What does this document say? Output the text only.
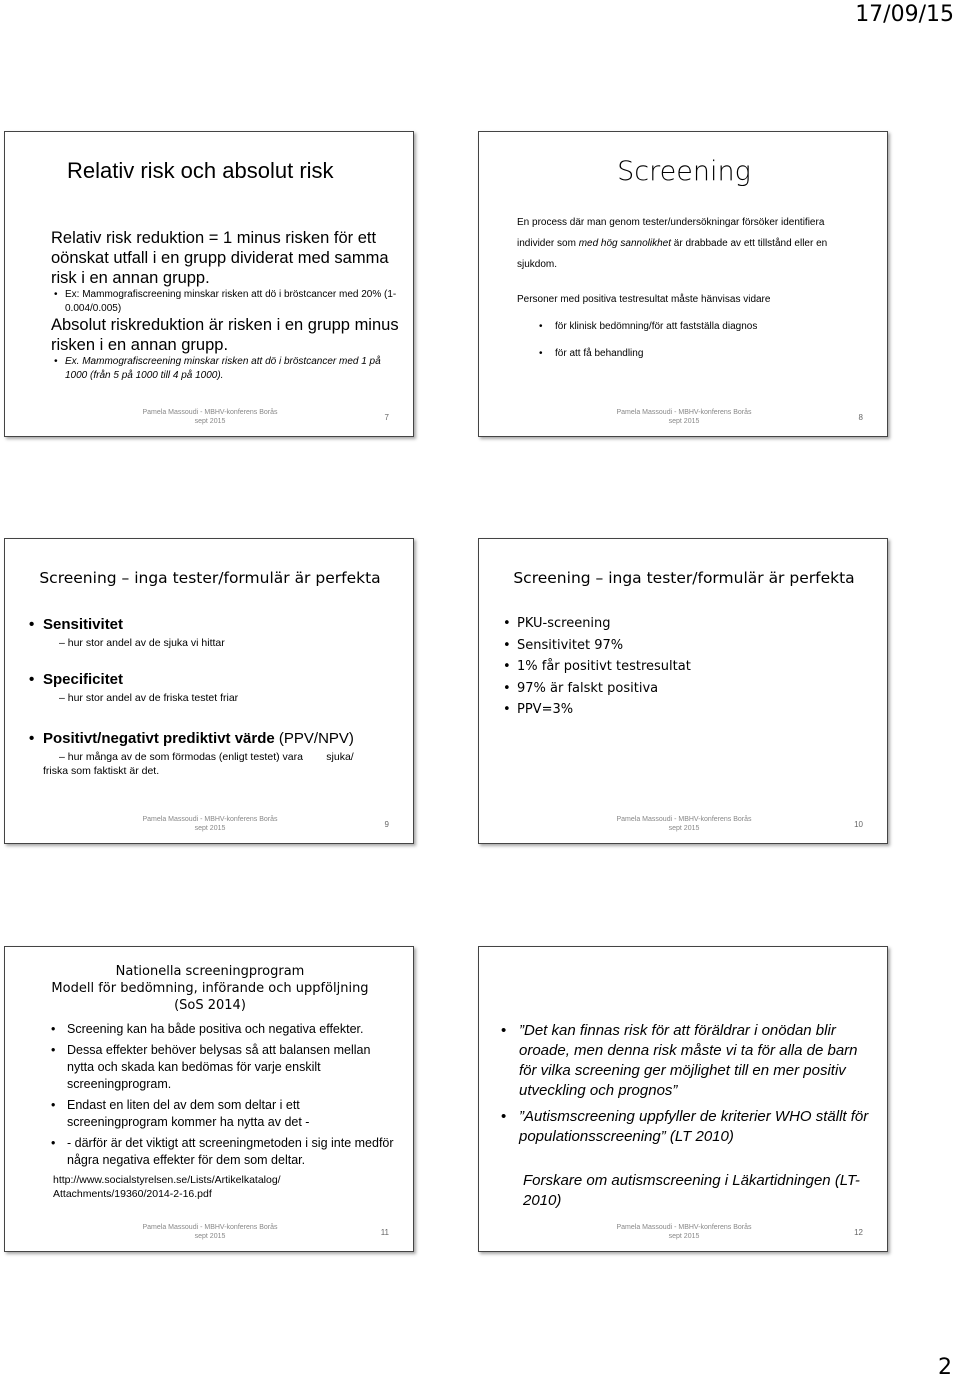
17/09/15
Relativ risk och absolut risk
Relativ risk reduktion = 1 minus risken för ett oönskat utfall i en grupp dividerat med samma risk i en annan grupp.
• Ex: Mammografiscreening minskar risken att dö i bröstcancer med 20% (1-0.004/0.005)
Absolut riskreduktion är risken i en grupp minus risken i en annan grupp.
• Ex. Mammografiscreening minskar risken att dö i bröstcancer med 1 på 1000 (från 5 på 1000 till 4 på 1000).
Pamela Massoudi - MBHV-konferens Borås
sept 2015	7
Screening
En process där man genom tester/undersökningar försöker identifiera individer som med hög sannolikhet är drabbade av ett tillstånd eller en sjukdom.
Personer med positiva testresultat måste hänvisas vidare
• för klinisk bedömning/för att fastställa diagnos
• för att få behandling
Pamela Massoudi - MBHV-konferens Borås
sept 2015	8
Screening – inga tester/formulär är perfekta
• Sensitivitet
– hur stor andel av de sjuka vi hittar
• Specificitet
– hur stor andel av de friska testet friar
• Positivt/negativt prediktivt värde (PPV/NPV)
– hur många av de som förmodas (enligt testet) vara        sjuka/
friska som faktiskt är det.
Pamela Massoudi - MBHV-konferens Borås
sept 2015	9
Screening – inga tester/formulär är perfekta
• PKU-screening
• Sensitivitet 97%
• 1% får positivt testresultat
• 97% är falskt positiva
• PPV=3%
Pamela Massoudi - MBHV-konferens Borås
sept 2015	10
Nationella screeningprogram
Modell för bedömning, införande och uppföljning
(SoS 2014)
• Screening kan ha både positiva och negativa effekter.
• Dessa effekter behöver belysas så att balansen mellan nytta och skada kan bedömas för varje enskilt screeningprogram.
• Endast en liten del av dem som deltar i ett screeningprogram kommer ha nytta av det -
• - därför är det viktigt att screeningmetoden i sig inte medför några negativa effekter för dem som deltar.
http://www.socialstyrelsen.se/Lists/Artikelkatalog/
Attachments/19360/2014-2-16.pdf
Pamela Massoudi - MBHV-konferens Borås
sept 2015	11
• ”Det kan finnas risk för att föräldrar i onödan blir oroade, men denna risk måste vi ta för alla de barn för vilka screening ger möjlighet till en mer positiv utveckling och prognos”
• ”Autismscreening uppfyller de kriterier WHO ställt för populationsscreening” (LT 2010)
Forskare om autismscreening i Läkartidningen (LT-2010)
Pamela Massoudi - MBHV-konferens Borås
sept 2015	12
2
